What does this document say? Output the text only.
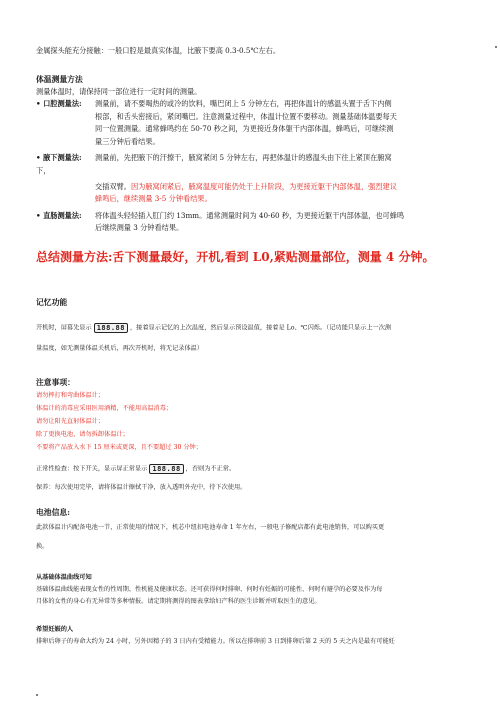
金属探头能充分接触：一般口腔是最真实体温，比腋下要高 0.3-0.5℃左右。
体温测量方法
测量体温时，请保持同一部位进行一定时间的测量。
• 口腔测量法: 测量前，请不要喝热的或冷的饮料，嘴巴闭上 5 分钟左右，再把体温计的感温头置于舌下内侧
根部，和舌头密接后，紧闭嘴巴。注意测量过程中，体温计位置不要移动。测量基础体温要每天
同一位置测量。通常蜂鸣约在 50-70 秒之间，为更接近身体躯干内部体温，蜂鸣后，可继续测
量三分钟后看结果。
• 腋下测量法: 测量前，先把腋下的汗擦干，腋窝紧闭 5 分钟左右，再把体温计的感温头由下往上紧顶在腑窝
下，
交插双臂。因为腋窝闭紧后，腋窝温度可能仍处于上升阶段，为更接近躯干内部体温，强烈建议
蜂鸣后，继续测量 3-5 分钟看结果。
• 直肠测量法: 将体温头轻轻插入肛门约 13mm。通常测量时间为 40-60 秒，为更接近躯干内部体温，也可蜂鸣
后继续测量 3 分钟看结果。
总结测量方法:舌下测量最好，开机,看到 L0,紧贴测量部位，测量 4 分钟。
记忆功能
开机时，屏幕先显示 188.88 ，接着显示记忆的上次温度，然后显示预设温值，接着是 Lo、℃闪烁。（记功能只显示上一次测
量温度，如无测量体温关机后，再次开机时，将无记录体温）
注意事项：
请勿摔打和弯曲体温计；
体温计的消毒应采用医用酒精，不能用高温消毒；
请勿让阳光直射体温计；
除了更换电池，请勿拆卸体温计；
不要将产品放入水下 15 厘米或更深，且不要超过 30 分钟；
正常性检查：按下开关，显示屏正常显示 188.88 ，否则为不正常。
保养：每次使用完毕，请将体温计擦拭干净，放入透明外壳中，待下次使用。
电池信息:
此款体温计内配备电池一节，正常使用的情况下，机芯中纽扣电池寿命 1 年左右，一般电子修配店都有此电池销售，可以购买更
换。
从基础体温曲线可知
基础体温曲线能表现女性的性周期、性机能及健康状态。还可获得何时排卵、何时有妊娠的可能性、何时有避孕的必要及作为每
月体的女性的身心有无异常等多种情报。请定期将测得的图表拿给妇产科的医生诊断并听取医生的意见。
希望妊娠的人
排卵后卵子的寿命大约为 24 小时，另外因精子的 3 日内有受精能力。所以在排卵前 3 日到排卵后第 2 天的 5 天之内是最有可能妊
